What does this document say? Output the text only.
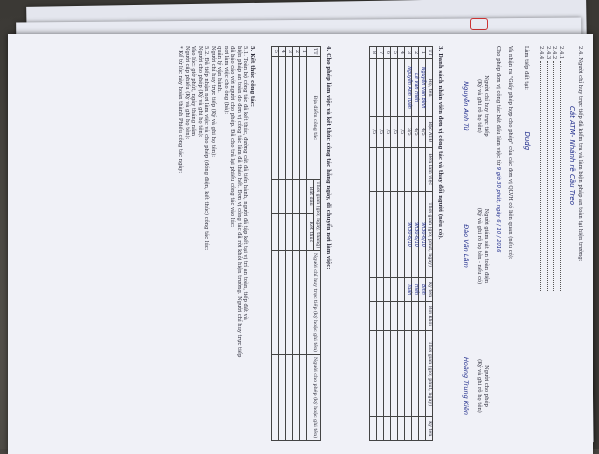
2.4. Người chỉ huy trực tiếp đã kiểm tra và làm biện pháp an toàn tại hiện trường:
Cắt ATM- Nhánh rẽ Cầu Treo
2.4.1
2.4.2
2.4.3
2.4.4
Làm tiếp đất tại: Dudg
Và nhận ra "Giấy phép hợp cho phép" của các đơn vị QLVH có liên quan (nếu có):
Cho phép đơn vị công tác bắt đầu làm việc từ 9 giờ 30 phút, ngày 6 / 10 / 2016
Người chỉ huy trực tiếp
(Ký và ghi rõ họ tên)
Nguyễn Anh Tú
Người giám sát an toàn điện
(Ký và ghi rõ họ tên - nếu có)
Đào Văn Lâm
Người cho phép
(Ký và ghi rõ họ tên)
Hoàng Trung Kiên
3. Danh sách nhân viên đơn vị công tác và thay đổi người (nếu có).
TT	Họ, tên	Bậc ATĐ	Đến làm việc	Thời gian (giờ, phút, ngày)	Ký tên	Rời khỏi	Thời gian (giờ, phút, ngày)	Ký tên
1	Nguyễn Văn Bình	4/5		9h30-6/10	Bình			
2	Lê Văn Hiển	4/5		9h30-6/10	Hiển			
3	Nguyễn Anh Tuấn	3/5		9h30-6/10	Tuấn			
4		/5						
5		/5						
6		/5						
7		/5						
8		/5						
4. Cho phép làm việc và kết thúc công tác hằng ngày, di chuyển nơi làm việc:
TT	Địa điểm công tác	Thời gian (giờ, ngày, tháng)		Người chỉ huy trực tiếp (ký hoặc ghi tên)	Người cho phép (ký hoặc ghi tên)
		Bắt đầu	Kết thúc		
1					
2					
3					
4					
5					
5. Kết thúc công tác:
5.1. Toàn bộ công tác đã kết thúc, đường cắt đã tiến hành, người đã tập kết tại vị trí an toàn, tiếp đất và
biện pháp an toàn do đơn vị công tác làm đã tháo hết. Đơn vị công tác đã rời khỏi hiện trường. Người chỉ huy trực tiếp
đã báo cáo với người cho phép. Đã cho trả lại phiếu công tác vào lúc:
nơi làm việc cho ông (bà):
quản lý vận hành.
Người chỉ huy trực tiếp (Ký và ghi họ tên):
5.2. Đã tiếp nhận nơi làm việc và cho phép (đóng điện, kết thúc) công tác lúc:
Người cho phép (Ký và ghi họ tên):
Vào lúc: giờ phút, ngày tháng năm
Người cấp phiếu (Ký và ghi họ tên):
* Kể từ lúc này hoàn thành Phiếu công tác ngày:
